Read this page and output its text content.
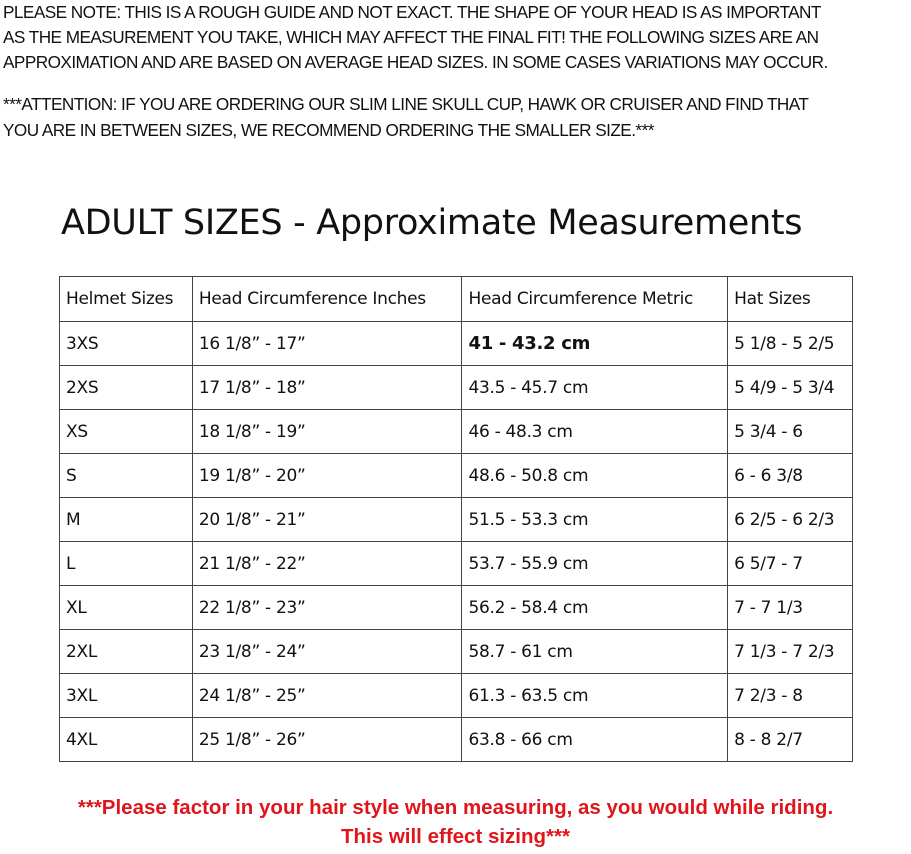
PLEASE NOTE: THIS IS A ROUGH GUIDE AND NOT EXACT. THE SHAPE OF YOUR HEAD IS AS IMPORTANT

AS THE MEASUREMENT YOU TAKE, WHICH MAY AFFECT THE FINAL FIT! THE FOLLOWING SIZES ARE AN

APPROXIMATION AND ARE BASED ON AVERAGE HEAD SIZES. IN SOME CASES VARIATIONS MAY OCCUR.

***ATTENTION: IF YOU ARE ORDERING OUR SLIM LINE SKULL CUP, HAWK OR CRUISER AND FIND THAT

YOU ARE IN BETWEEN SIZES, WE RECOMMEND ORDERING THE SMALLER SIZE.***

ADULT SIZES - Approximate Measurements
Helmet Sizes	Head Circumference Inches	Head Circumference Metric	Hat Sizes
3XS	16 1/8” - 17”	41 - 43.2 cm	5 1/8 - 5 2/5
2XS	17 1/8” - 18”	43.5 - 45.7 cm	5 4/9 - 5 3/4
XS	18 1/8” - 19”	46 - 48.3 cm	5 3/4 - 6
S	19 1/8” - 20”	48.6 - 50.8 cm	6 - 6 3/8
M	20 1/8” - 21”	51.5 - 53.3 cm	6 2/5 - 6 2/3
L	21 1/8” - 22”	53.7 - 55.9 cm	6 5/7 - 7
XL	22 1/8” - 23”	56.2 - 58.4 cm	7 - 7 1/3
2XL	23 1/8” - 24”	58.7 - 61 cm	7 1/3 - 7 2/3
3XL	24 1/8” - 25”	61.3 - 63.5 cm	7 2/3 - 8
4XL	25 1/8” - 26”	63.8 - 66 cm	8 - 8 2/7

***Please factor in your hair style when measuring, as you would while riding.

This will effect sizing***
